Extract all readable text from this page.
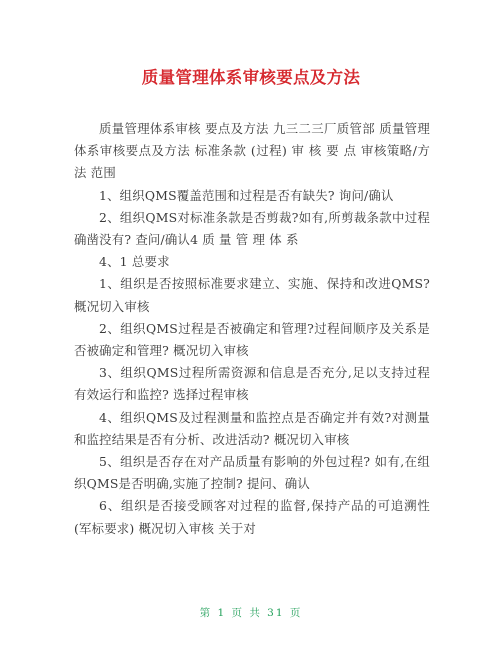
质量管理体系审核要点及方法

质量管理体系审核 要点及方法 九三二三厂质管部 质量管理体系审核要点及方法 标准条款 (过程) 审 核 要 点 审核策略/方法 范围

1、组织QMS覆盖范围和过程是否有缺失? 询问/确认

2、组织QMS对标准条款是否剪裁?如有,所剪裁条款中过程确凿没有? 查问/确认4 质 量 管 理 体 系

4、1 总要求

1、组织是否按照标准要求建立、实施、保持和改进QMS? 概况切入审核

2、组织QMS过程是否被确定和管理?过程间顺序及关系是否被确定和管理? 概况切入审核

3、组织QMS过程所需资源和信息是否充分,足以支持过程有效运行和监控? 选择过程审核

4、组织QMS及过程测量和监控点是否确定并有效?对测量和监控结果是否有分析、改进活动? 概况切入审核

5、组织是否存在对产品质量有影响的外包过程? 如有,在组织QMS是否明确,实施了控制? 提问、确认

6、组织是否接受顾客对过程的监督,保持产品的可追溯性(军标要求) 概况切入审核 关于对

第 1 页 共 31 页
